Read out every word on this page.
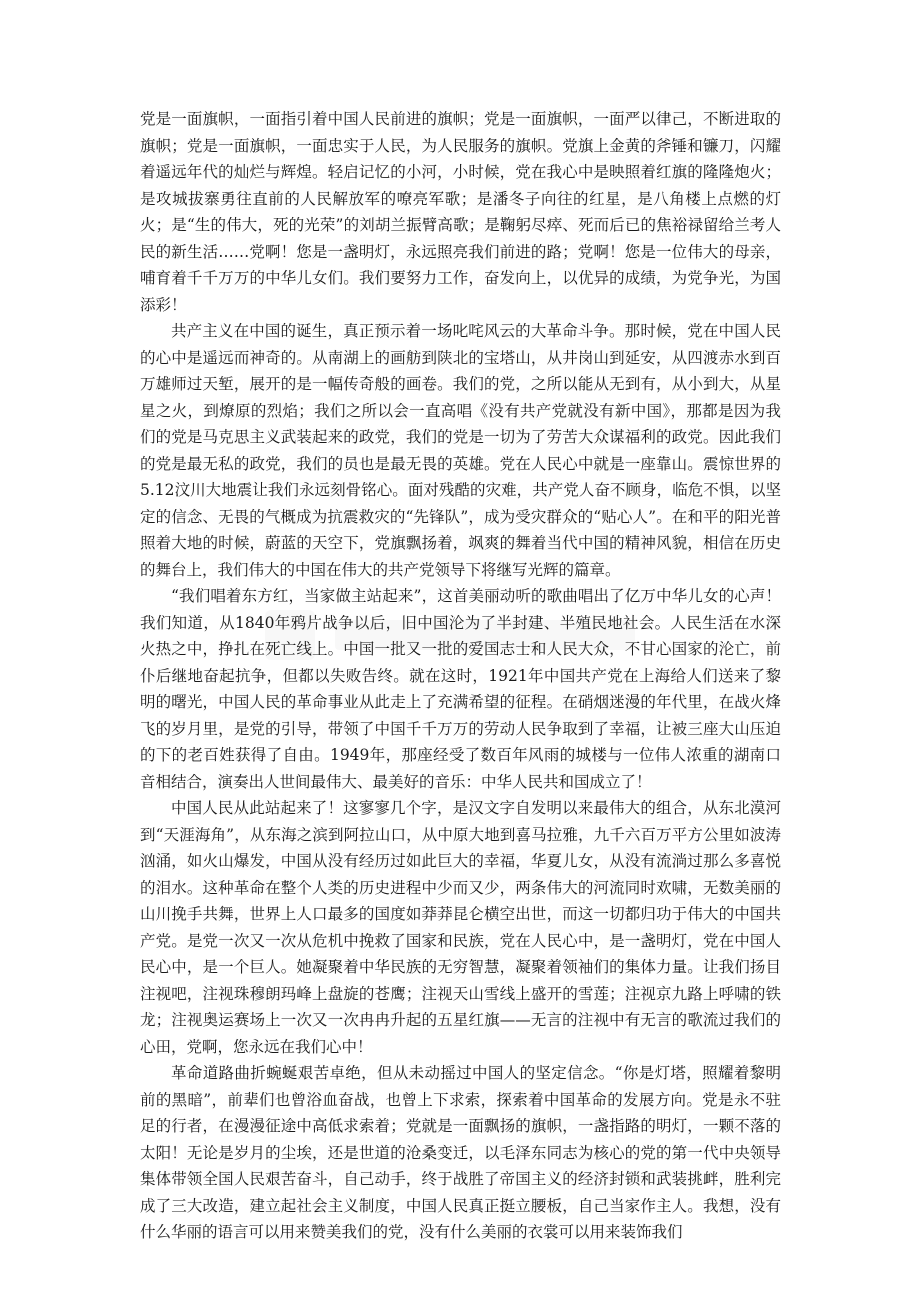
党是一面旗帜，一面指引着中国人民前进的旗帜；党是一面旗帜，一面严以律己，不断进取的旗帜；党是一面旗帜，一面忠实于人民，为人民服务的旗帜。党旗上金黄的斧锤和镰刀，闪耀着遥远年代的灿烂与辉煌。轻启记忆的小河，小时候，党在我心中是映照着红旗的隆隆炮火；是攻城拔寨勇往直前的人民解放军的嘹亮军歌；是潘冬子向往的红星，是八角楼上点燃的灯火；是“生的伟大，死的光荣”的刘胡兰振臂高歌；是鞠躬尽瘁、死而后已的焦裕禄留给兰考人民的新生活……党啊！您是一盏明灯，永远照亮我们前进的路；党啊！您是一位伟大的母亲，哺育着千千万万的中华儿女们。我们要努力工作，奋发向上，以优异的成绩，为党争光，为国添彩！

共产主义在中国的诞生，真正预示着一场叱咤风云的大革命斗争。那时候，党在中国人民的心中是遥远而神奇的。从南湖上的画舫到陕北的宝塔山，从井岗山到延安，从四渡赤水到百万雄师过天堑，展开的是一幅传奇般的画卷。我们的党，之所以能从无到有，从小到大，从星星之火，到燎原的烈焰；我们之所以会一直高唱《没有共产党就没有新中国》，那都是因为我们的党是马克思主义武装起来的政党，我们的党是一切为了劳苦大众谋福利的政党。因此我们的党是最无私的政党，我们的员也是最无畏的英雄。党在人民心中就是一座靠山。震惊世界的5.12汶川大地震让我们永远刻骨铭心。面对残酷的灾难，共产党人奋不顾身，临危不惧，以坚定的信念、无畏的气概成为抗震救灾的“先锋队”，成为受灾群众的“贴心人”。在和平的阳光普照着大地的时候，蔚蓝的天空下，党旗飘扬着，飒爽的舞着当代中国的精神风貌，相信在历史的舞台上，我们伟大的中国在伟大的共产党领导下将继写光辉的篇章。

“我们唱着东方红，当家做主站起来”，这首美丽动听的歌曲唱出了亿万中华儿女的心声！我们知道，从1840年鸦片战争以后，旧中国沦为了半封建、半殖民地社会。人民生活在水深火热之中，挣扎在死亡线上。中国一批又一批的爱国志士和人民大众，不甘心国家的沦亡，前仆后继地奋起抗争，但都以失败告终。就在这时，1921年中国共产党在上海给人们送来了黎明的曙光，中国人民的革命事业从此走上了充满希望的征程。在硝烟迷漫的年代里，在战火烽飞的岁月里，是党的引导，带领了中国千千万万的劳动人民争取到了幸福，让被三座大山压迫的下的老百姓获得了自由。1949年，那座经受了数百年风雨的城楼与一位伟人浓重的湖南口音相结合，演奏出人世间最伟大、最美好的音乐：中华人民共和国成立了！

中国人民从此站起来了！这寥寥几个字，是汉文字自发明以来最伟大的组合，从东北漠河到“天涯海角”，从东海之滨到阿拉山口，从中原大地到喜马拉雅，九千六百万平方公里如波涛汹涌，如火山爆发，中国从没有经历过如此巨大的幸福，华夏儿女，从没有流淌过那么多喜悦的泪水。这种革命在整个人类的历史进程中少而又少，两条伟大的河流同时欢啸，无数美丽的山川挽手共舞，世界上人口最多的国度如莽莽昆仑横空出世，而这一切都归功于伟大的中国共产党。是党一次又一次从危机中挽救了国家和民族，党在人民心中，是一盏明灯，党在中国人民心中，是一个巨人。她凝聚着中华民族的无穷智慧，凝聚着领袖们的集体力量。让我们扬目注视吧，注视珠穆朗玛峰上盘旋的苍鹰；注视天山雪线上盛开的雪莲；注视京九路上呼啸的铁龙；注视奥运赛场上一次又一次冉冉升起的五星红旗——无言的注视中有无言的歌流过我们的心田，党啊，您永远在我们心中！

革命道路曲折蜿蜒艰苦卓绝，但从未动摇过中国人的坚定信念。“你是灯塔，照耀着黎明前的黑暗”，前辈们也曾浴血奋战，也曾上下求索，探索着中国革命的发展方向。党是永不驻足的行者，在漫漫征途中高低求索着；党就是一面飘扬的旗帜，一盏指路的明灯，一颗不落的太阳！无论是岁月的尘埃，还是世道的沧桑变迁，以毛泽东同志为核心的党的第一代中央领导集体带领全国人民艰苦奋斗，自己动手，终于战胜了帝国主义的经济封锁和武装挑衅，胜利完成了三大改造，建立起社会主义制度，中国人民真正挺立腰板，自己当家作主人。我想，没有什么华丽的语言可以用来赞美我们的党，没有什么美丽的衣裳可以用来装饰我们
